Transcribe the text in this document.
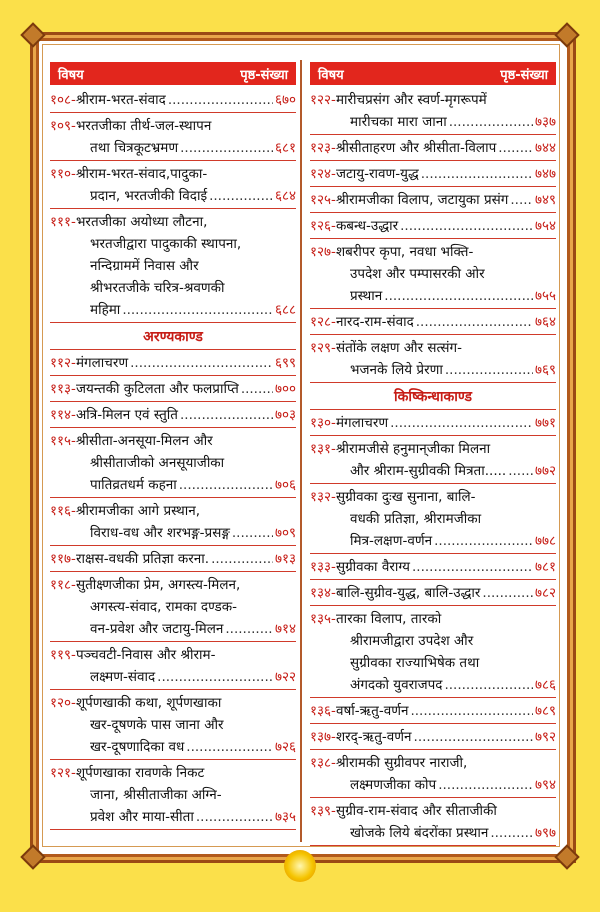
विषय	पृष्ठ-संख्या
१०८- श्रीराम-भरत-संवाद .....	६७०
१०९-भरतजीका तीर्थ-जल-स्थापन
तथा चित्रकूटभ्रमण .....	६८१
११०-श्रीराम-भरत-संवाद,पादुका-
प्रदान, भरतजीकी विदाई .....	६८४
१११-भरतजीका अयोध्या लौटना,
भरतजीद्वारा पादुकाकी स्थापना,
नन्दिग्राममें निवास और
श्रीभरतजीके चरित्र-श्रवणकी
महिमा .....	६८८
अरण्यकाण्ड
११२- मंगलाचरण .....	६९९
११३- जयन्तकी कुटिलता और फलप्राप्ति .....	७००
११४- अत्रि-मिलन एवं स्तुति .....	७०३
११५-श्रीसीता-अनसूया-मिलन और
श्रीसीताजीको अनसूयाजीका
पातिव्रतधर्म कहना .....	७०६
११६-श्रीरामजीका आगे प्रस्थान,
विराध-वध और शरभङ्ग-प्रसङ्ग .....	७०९
११७- राक्षस-वधकी प्रतिज्ञा करना. .....	७१३
११८-सुतीक्ष्णजीका प्रेम, अगस्त्य-मिलन,
अगस्त्य-संवाद, रामका दण्डक-
वन-प्रवेश और जटायु-मिलन .....	७१४
११९-पञ्चवटी-निवास और श्रीराम-
लक्ष्मण-संवाद .....	७२२
१२०-शूर्पणखाकी कथा, शूर्पणखाका
खर-दूषणके पास जाना और
खर-दूषणादिका वध .....	७२६
१२१-शूर्पणखाका रावणके निकट
जाना, श्रीसीताजीका अग्नि-
प्रवेश और माया-सीता .....	७३५
विषय	पृष्ठ-संख्या
१२२-मारीचप्रसंग और स्वर्ण-मृगरूपमें
मारीचका मारा जाना .....	७३७
१२३- श्रीसीताहरण और श्रीसीता-विलाप .....	७४४
१२४- जटायु-रावण-युद्ध .....	७४७
१२५- श्रीरामजीका विलाप, जटायुका प्रसंग ..... ७४९
१२६- कबन्ध-उद्धार .....	७५४
१२७-शबरीपर कृपा, नवधा भक्ति-
उपदेश और पम्पासरकी ओर
प्रस्थान .....	७५५
१२८- नारद-राम-संवाद .....	७६४
१२९-संतोंके लक्षण और सत्संग-
भजनके लिये प्रेरणा .....	७६९
किष्किन्धाकाण्ड
१३०- मंगलाचरण .....	७७१
१३१-श्रीरामजीसे हनुमान्‌जीका मिलना
और श्रीराम-सुग्रीवकी मित्रता..... ..... ७७२
१३२-सुग्रीवका दुःख सुनाना, बालि-
वधकी प्रतिज्ञा, श्रीरामजीका
मित्र-लक्षण-वर्णन .....	७७८
१३३- सुग्रीवका वैराग्य .....	७८१
१३४- बालि-सुग्रीव-युद्ध, बालि-उद्धार .....	७८२
१३५-तारका विलाप, तारको
श्रीरामजीद्वारा उपदेश और
सुग्रीवका राज्याभिषेक तथा
अंगदको युवराजपद .....	७८६
१३६- वर्षा-ऋतु-वर्णन .....	७८९
१३७- शरद्-ऋतु-वर्णन .....	७९२
१३८-श्रीरामकी सुग्रीवपर नाराजी,
लक्ष्मणजीका कोप .....	७९४
१३९-सुग्रीव-राम-संवाद और सीताजीकी
खोजके लिये बंदरोंका प्रस्थान .....	७९७
